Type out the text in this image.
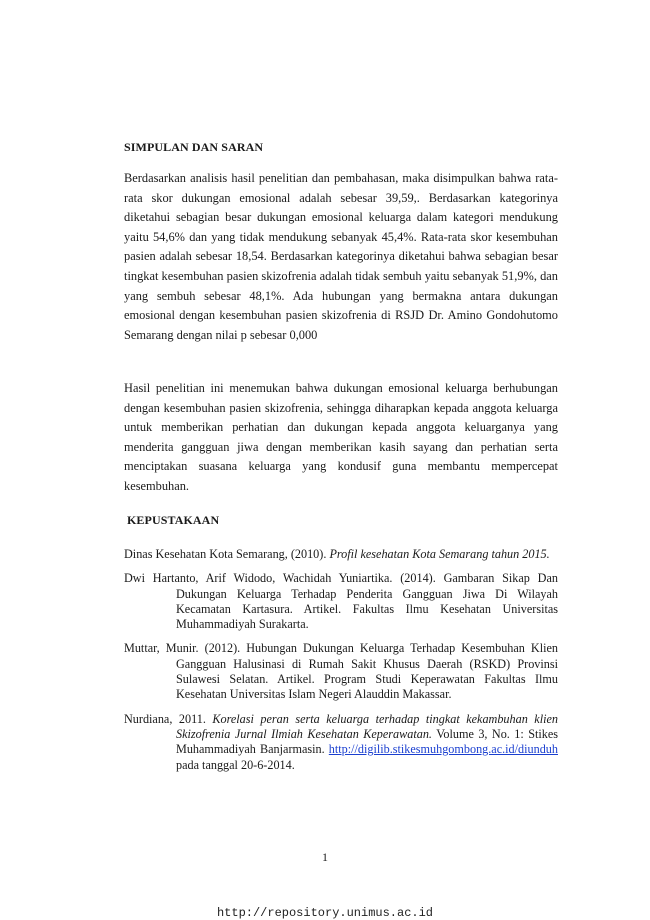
SIMPULAN DAN SARAN

Berdasarkan analisis hasil penelitian dan pembahasan, maka disimpulkan bahwa rata-rata skor dukungan emosional adalah sebesar 39,59,. Berdasarkan kategorinya diketahui sebagian besar dukungan emosional keluarga dalam kategori mendukung yaitu 54,6% dan yang tidak mendukung sebanyak 45,4%. Rata-rata skor kesembuhan pasien adalah sebesar 18,54. Berdasarkan kategorinya diketahui bahwa sebagian besar tingkat kesembuhan pasien skizofrenia adalah tidak sembuh yaitu sebanyak 51,9%, dan yang sembuh sebesar 48,1%. Ada hubungan yang bermakna antara dukungan emosional dengan kesembuhan pasien skizofrenia di RSJD Dr. Amino Gondohutomo Semarang dengan nilai p sebesar 0,000

Hasil penelitian ini menemukan bahwa dukungan emosional keluarga berhubungan dengan kesembuhan pasien skizofrenia, sehingga diharapkan kepada anggota keluarga untuk memberikan perhatian dan dukungan kepada anggota keluarganya yang menderita gangguan jiwa dengan memberikan kasih sayang dan perhatian serta menciptakan suasana keluarga yang kondusif guna membantu mempercepat kesembuhan.

KEPUSTAKAAN

Dinas Kesehatan Kota Semarang, (2010). Profil kesehatan Kota Semarang tahun 2015.

Dwi Hartanto, Arif Widodo, Wachidah Yuniartika. (2014). Gambaran Sikap Dan Dukungan Keluarga Terhadap Penderita Gangguan Jiwa Di Wilayah Kecamatan Kartasura. Artikel. Fakultas Ilmu Kesehatan Universitas Muhammadiyah Surakarta.

Muttar, Munir. (2012). Hubungan Dukungan Keluarga Terhadap Kesembuhan Klien Gangguan Halusinasi di Rumah Sakit Khusus Daerah (RSKD) Provinsi Sulawesi Selatan. Artikel. Program Studi Keperawatan Fakultas Ilmu Kesehatan Universitas Islam Negeri Alauddin Makassar.

Nurdiana, 2011. Korelasi peran serta keluarga terhadap tingkat kekambuhan klien Skizofrenia Jurnal Ilmiah Kesehatan Keperawatan. Volume 3, No. 1: Stikes Muhammadiyah Banjarmasin. http://digilib.stikesmuhgombong.ac.id/diunduh pada tanggal 20-6-2014.

1
http://repository.unimus.ac.id
